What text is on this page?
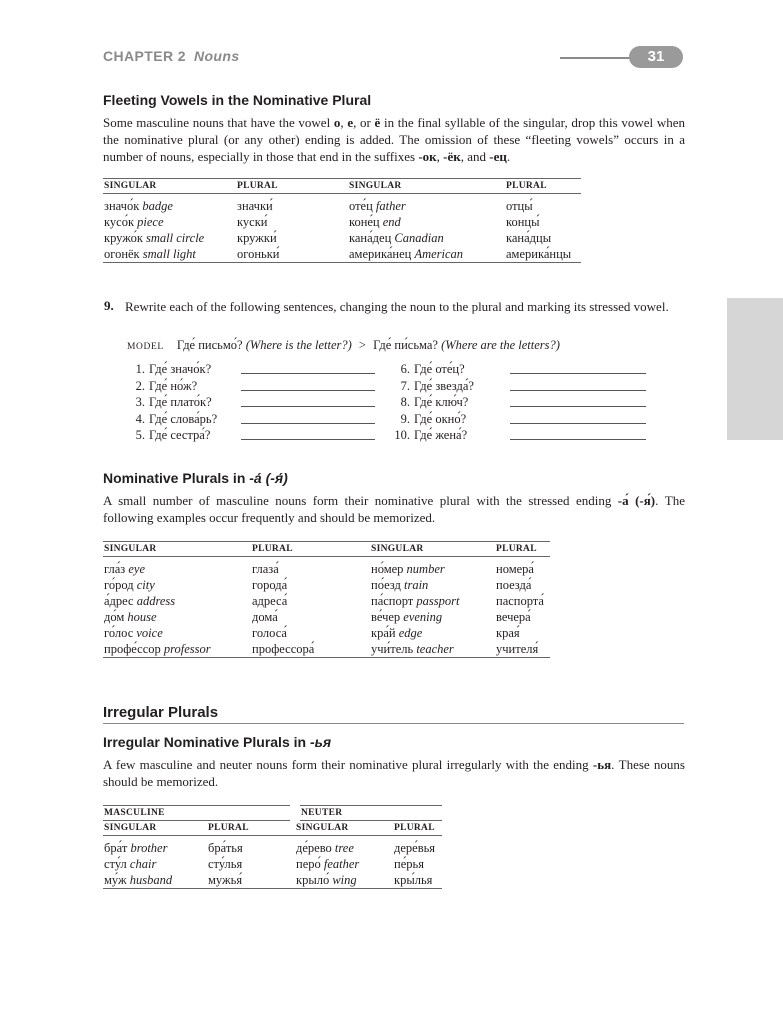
CHAPTER 2 Nouns	31
Fleeting Vowels in the Nominative Plural
Some masculine nouns that have the vowel о, е, or ё in the final syllable of the singular, drop this vowel when the nominative plural (or any other) ending is added. The omission of these “fleeting vowels” occurs in a number of nouns, especially in those that end in the suffixes -ок, -ёк, and -ец.
SINGULAR	PLURAL	SINGULAR	PLURAL
значо́к badge	значки́	оте́ц father	отцы́
кусо́к piece	куски́	коне́ц end	концы́
кружо́к small circle	кружки́	кана́дец Canadian	кана́дцы
огонёк small light	огоньки́	америка́нец American	америка́нцы
9. Rewrite each of the following sentences, changing the noun to the plural and marking its stressed vowel.
MODEL Где́ письмо́? (Where is the letter?) > Где́ пи́сьма? (Where are the letters?)
1. Где́ значо́к?
2. Где́ но́ж?
3. Где́ плато́к?
4. Где́ слова́рь?
5. Где́ сестра́?
6. Где́ оте́ц?
7. Где́ звезда́?
8. Где́ клю́ч?
9. Где́ окно́?
10. Где́ жена́?
Nominative Plurals in -а́ (-я́)
A small number of masculine nouns form their nominative plural with the stressed ending -а́ (-я́). The following examples occur frequently and should be memorized.
SINGULAR	PLURAL	SINGULAR	PLURAL
гла́з eye	глаза́	но́мер number	номера́
го́род city	города́	по́езд train	поезда́
а́дрес address	адреса́	па́спорт passport	паспорта́
до́м house	дома́	ве́чер evening	вечера́
го́лос voice	голоса́	кра́й edge	края́
профе́ссор professor	профессора́	учи́тель teacher	учителя́
Irregular Plurals
Irregular Nominative Plurals in -ья
A few masculine and neuter nouns form their nominative plural irregularly with the ending -ья. These nouns should be memorized.
MASCULINE		NEUTER	
SINGULAR	PLURAL	SINGULAR	PLURAL
бра́т brother	бра́тья	де́рево tree	дере́вья
сту́л chair	сту́лья	перо́ feather	пе́рья
му́ж husband	мужья́	крыло́ wing	кры́лья
